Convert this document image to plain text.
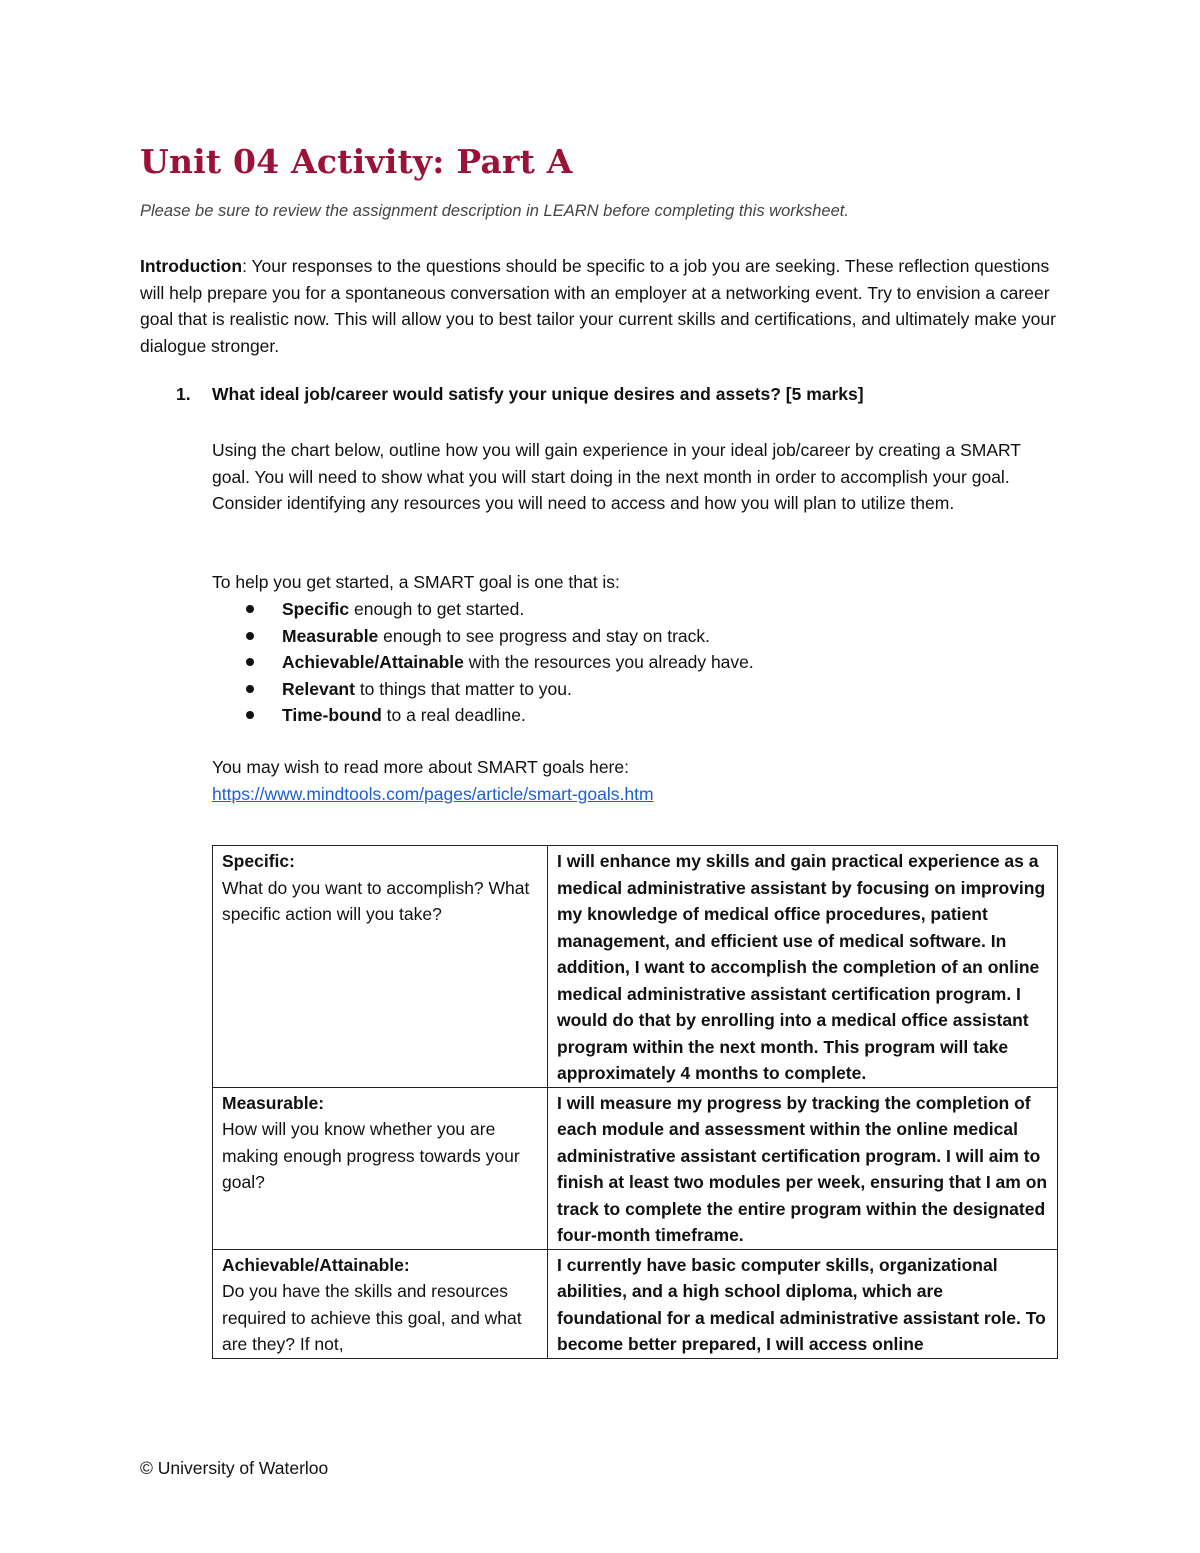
Unit 04 Activity: Part A

Please be sure to review the assignment description in LEARN before completing this worksheet.

Introduction: Your responses to the questions should be specific to a job you are seeking. These reflection questions will help prepare you for a spontaneous conversation with an employer at a networking event. Try to envision a career goal that is realistic now. This will allow you to best tailor your current skills and certifications, and ultimately make your dialogue stronger.

1. What ideal job/career would satisfy your unique desires and assets? [5 marks]

Using the chart below, outline how you will gain experience in your ideal job/career by creating a SMART goal. You will need to show what you will start doing in the next month in order to accomplish your goal. Consider identifying any resources you will need to access and how you will plan to utilize them.

To help you get started, a SMART goal is one that is:

Specific enough to get started.
Measurable enough to see progress and stay on track.
Achievable/Attainable with the resources you already have.
Relevant to things that matter to you.
Time-bound to a real deadline.
You may wish to read more about SMART goals here:
https://www.mindtools.com/pages/article/smart-goals.htm
Specific:
What do you want to accomplish? What specific action will you take?	I will enhance my skills and gain practical experience as a medical administrative assistant by focusing on improving my knowledge of medical office procedures, patient management, and efficient use of medical software. In addition, I want to accomplish the completion of an online medical administrative assistant certification program. I would do that by enrolling into a medical office assistant program within the next month. This program will take approximately 4 months to complete.

Measurable:
How will you know whether you are making enough progress towards your goal?	I will measure my progress by tracking the completion of each module and assessment within the online medical administrative assistant certification program. I will aim to finish at least two modules per week, ensuring that I am on track to complete the entire program within the designated four-month timeframe.

Achievable/Attainable:
Do you have the skills and resources required to achieve this goal, and what are they? If not,	I currently have basic computer skills, organizational abilities, and a high school diploma, which are foundational for a medical administrative assistant role. To become better prepared, I will access online

© University of Waterloo
